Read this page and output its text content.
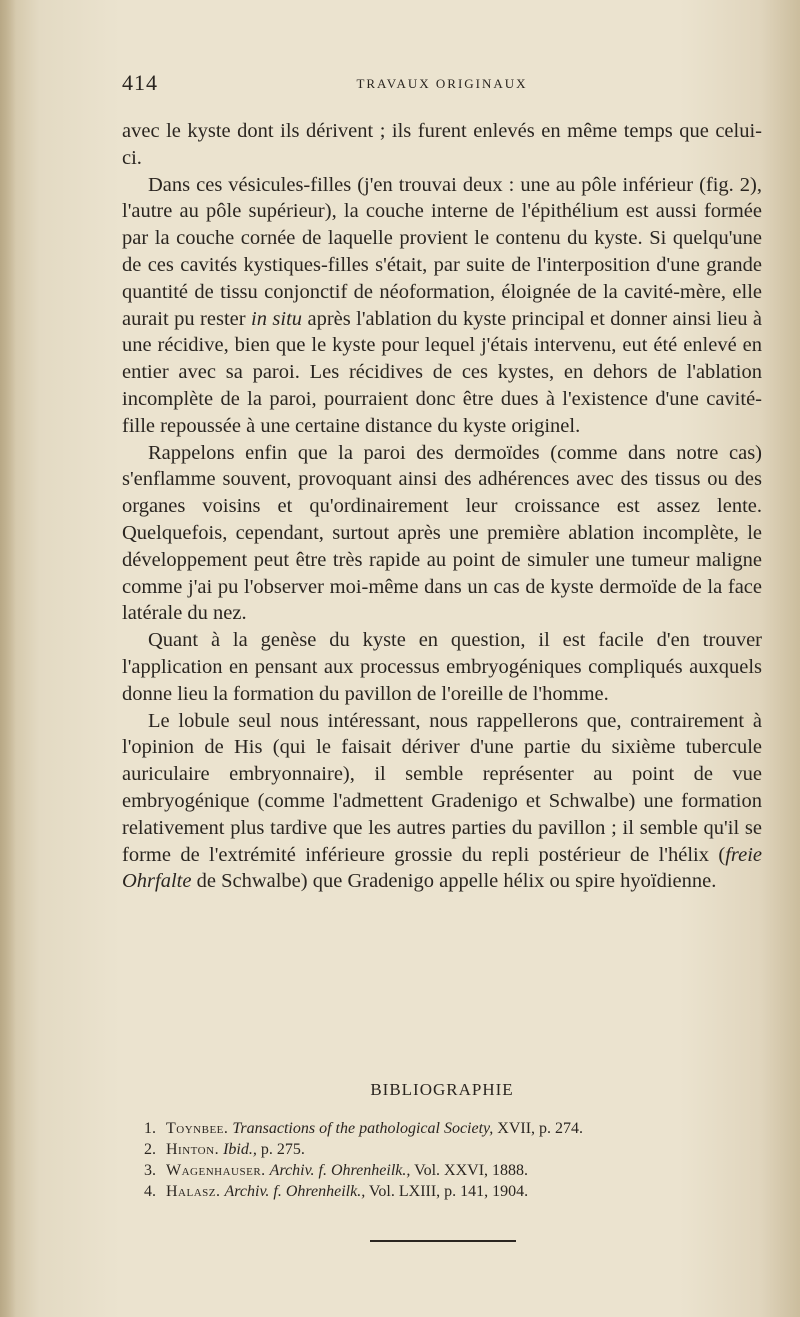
414	TRAVAUX ORIGINAUX

avec le kyste dont ils dérivent ; ils furent enlevés en même temps que celui-ci.

Dans ces vésicules-filles (j'en trouvai deux : une au pôle inférieur (fig. 2), l'autre au pôle supérieur), la couche interne de l'épithélium est aussi formée par la couche cornée de laquelle provient le contenu du kyste. Si quelqu'une de ces cavités kystiques-filles s'était, par suite de l'interposition d'une grande quantité de tissu conjonctif de néoformation, éloignée de la cavité-mère, elle aurait pu rester in situ après l'ablation du kyste principal et donner ainsi lieu à une récidive, bien que le kyste pour lequel j'étais intervenu, eut été enlevé en entier avec sa paroi. Les récidives de ces kystes, en dehors de l'ablation incomplète de la paroi, pourraient donc être dues à l'existence d'une cavité-fille repoussée à une certaine distance du kyste originel.

Rappelons enfin que la paroi des dermoïdes (comme dans notre cas) s'enflamme souvent, provoquant ainsi des adhérences avec des tissus ou des organes voisins et qu'ordinairement leur croissance est assez lente. Quelquefois, cependant, surtout après une première ablation incomplète, le développement peut être très rapide au point de simuler une tumeur maligne comme j'ai pu l'observer moi-même dans un cas de kyste dermoïde de la face latérale du nez.

Quant à la genèse du kyste en question, il est facile d'en trouver l'application en pensant aux processus embryogéniques compliqués auxquels donne lieu la formation du pavillon de l'oreille de l'homme.

Le lobule seul nous intéressant, nous rappellerons que, contrairement à l'opinion de His (qui le faisait dériver d'une partie du sixième tubercule auriculaire embryonnaire), il semble représenter au point de vue embryogénique (comme l'admettent Gradenigo et Schwalbe) une formation relativement plus tardive que les autres parties du pavillon ; il semble qu'il se forme de l'extrémité inférieure grossie du repli postérieur de l'hélix (freie Ohrfalte de Schwalbe) que Gradenigo appelle hélix ou spire hyoïdienne.

BIBLIOGRAPHIE
1. Toynbee. Transactions of the pathological Society, XVII, p. 274.
2. Hinton. Ibid., p. 275.
3. Wagenhauser. Archiv. f. Ohrenheilk., Vol. XXVI, 1888.
4. Halasz. Archiv. f. Ohrenheilk., Vol. LXIII, p. 141, 1904.
